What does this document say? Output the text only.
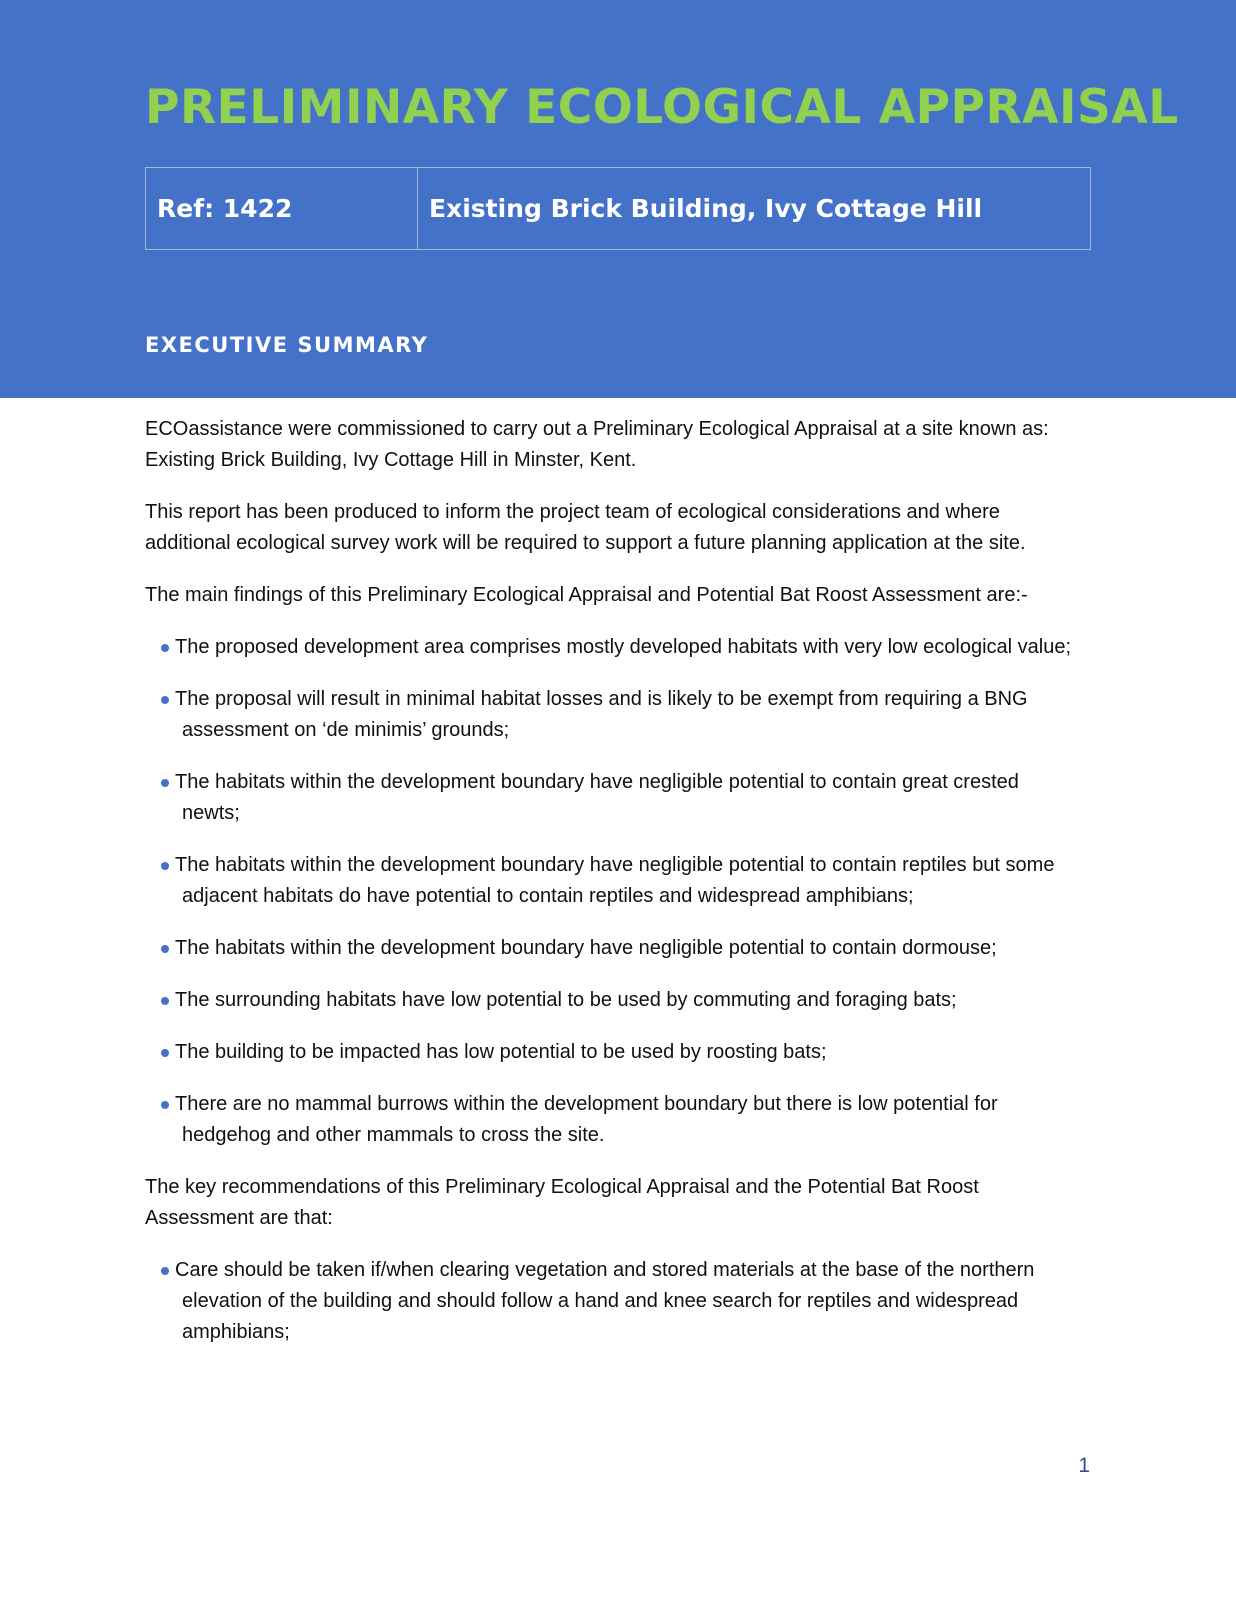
PRELIMINARY ECOLOGICAL APPRAISAL
Ref: 1422	Existing Brick Building, Ivy Cottage Hill
EXECUTIVE SUMMARY

ECOassistance were commissioned to carry out a Preliminary Ecological Appraisal at a site known as: Existing Brick Building, Ivy Cottage Hill in Minster, Kent.

This report has been produced to inform the project team of ecological considerations and where additional ecological survey work will be required to support a future planning application at the site.

The main findings of this Preliminary Ecological Appraisal and Potential Bat Roost Assessment are:-

The proposed development area comprises mostly developed habitats with very low ecological value;
The proposal will result in minimal habitat losses and is likely to be exempt from requiring a BNG assessment on ‘de minimis’ grounds;
The habitats within the development boundary have negligible potential to contain great crested newts;
The habitats within the development boundary have negligible potential to contain reptiles but some adjacent habitats do have potential to contain reptiles and widespread amphibians;
The habitats within the development boundary have negligible potential to contain dormouse;
The surrounding habitats have low potential to be used by commuting and foraging bats;
The building to be impacted has low potential to be used by roosting bats;
There are no mammal burrows within the development boundary but there is low potential for hedgehog and other mammals to cross the site.

The key recommendations of this Preliminary Ecological Appraisal and the Potential Bat Roost Assessment are that:

Care should be taken if/when clearing vegetation and stored materials at the base of the northern elevation of the building and should follow a hand and knee search for reptiles and widespread amphibians;
1
